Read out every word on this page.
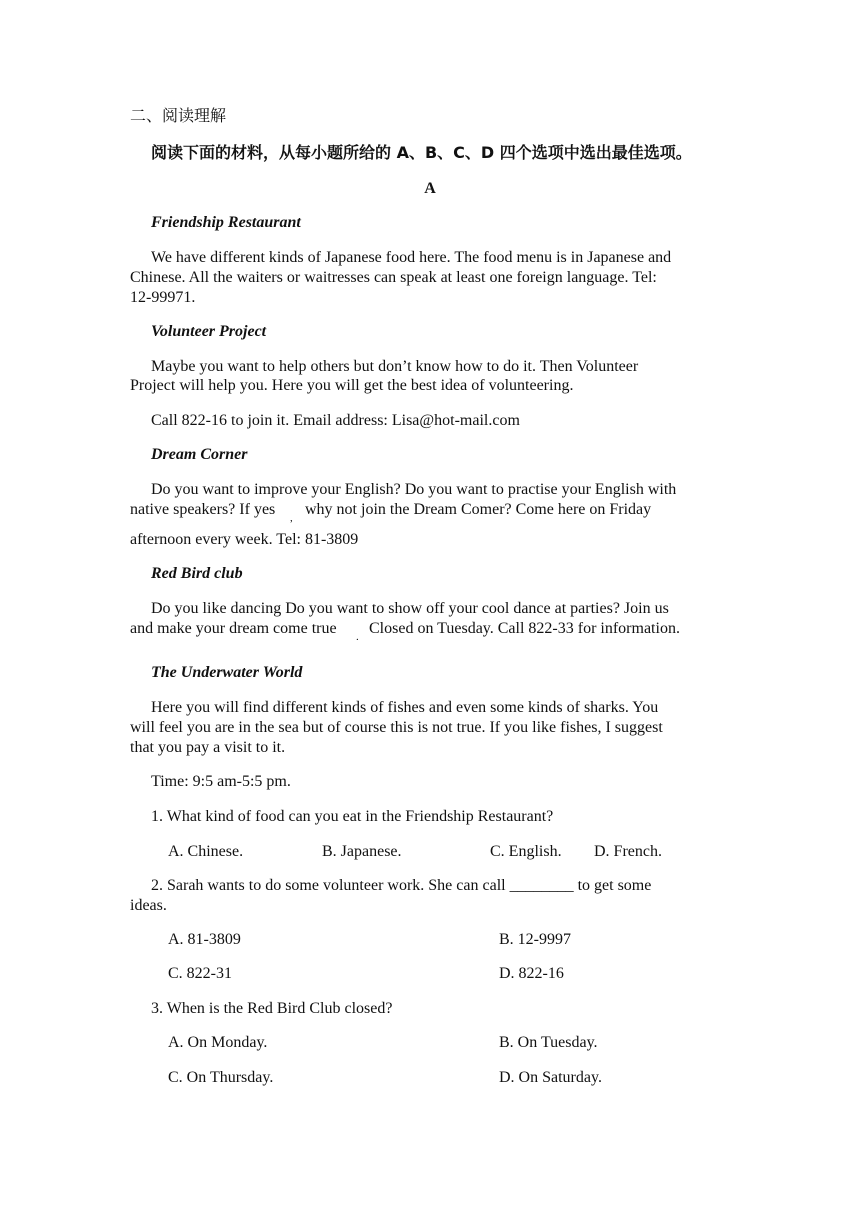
二、阅读理解
阅读下面的材料，从每小题所给的 A、B、C、D 四个选项中选出最佳选项。
A
Friendship Restaurant
We have different kinds of Japanese food here. The food menu is in Japanese and
Chinese. All the waiters or waitresses can speak at least one foreign language. Tel:
12-99971.
Volunteer Project
Maybe you want to help others but don’t know how to do it. Then Volunteer
Project will help you. Here you will get the best idea of volunteering.
Call 822-16 to join it. Email address: Lisa@hot-mail.com
Dream Corner
Do you want to improve your English? Do you want to practise your English with
native speakers? If yes , why not join the Dream Comer? Come here on Friday
afternoon every week. Tel: 81-3809
Red Bird club
Do you like dancing Do you want to show off your cool dance at parties? Join us
and make your dream come true . Closed on Tuesday. Call 822-33 for information.
The Underwater World
Here you will find different kinds of fishes and even some kinds of sharks. You
will feel you are in the sea but of course this is not true. If you like fishes, I suggest
that you pay a visit to it.
Time: 9:5 am-5:5 pm.
1. What kind of food can you eat in the Friendship Restaurant?
A. Chinese.	B. Japanese.	C. English. D. French.
2. Sarah wants to do some volunteer work. She can call ________ to get some
ideas.
A. 81-3809	B. 12-9997
C. 822-31	D. 822-16
3. When is the Red Bird Club closed?
A. On Monday.	B. On Tuesday.
C. On Thursday.	D. On Saturday.
